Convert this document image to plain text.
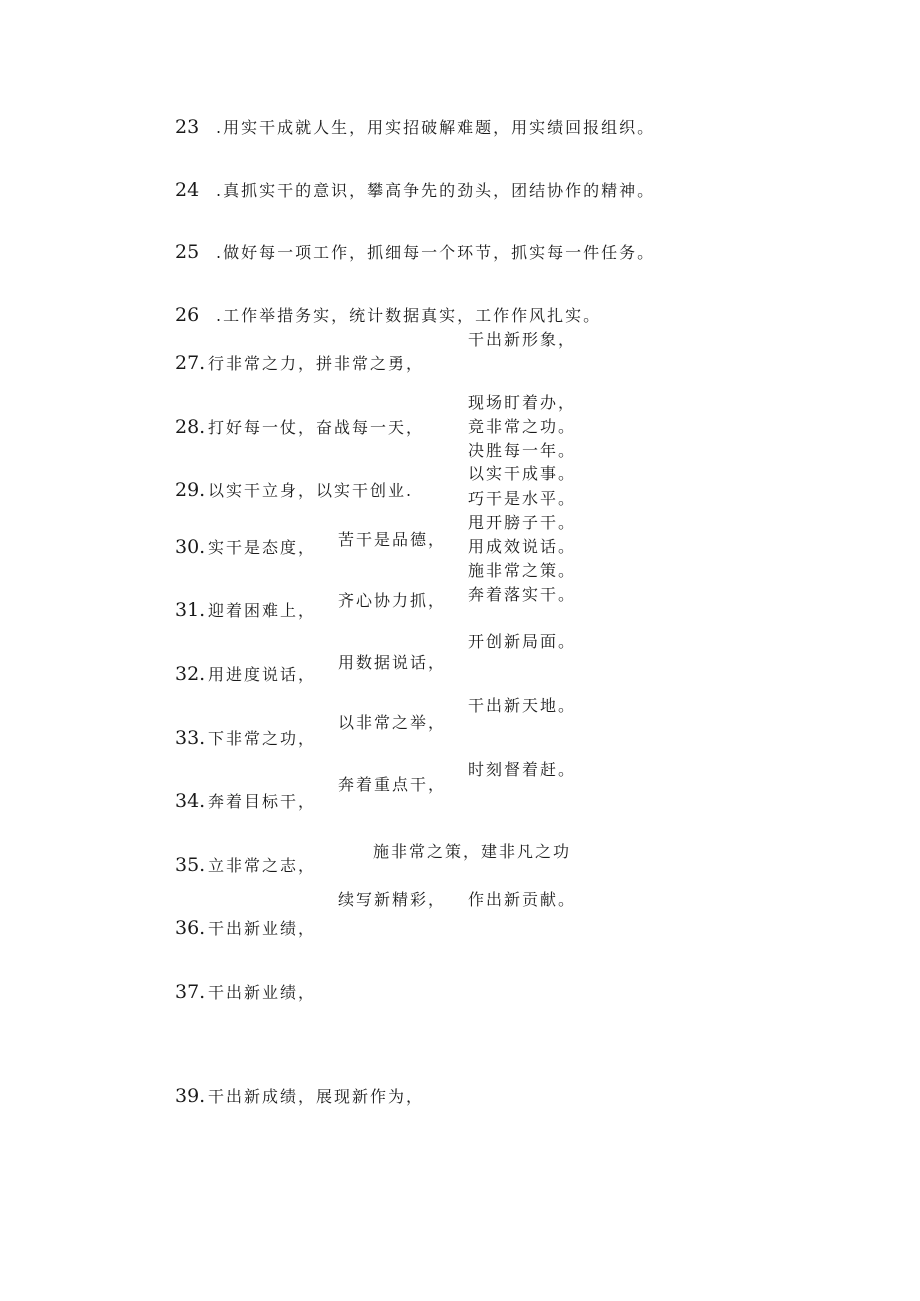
23 .用实干成就人生，用实招破解难题，用实绩回报组织。
24 .真抓实干的意识，攀高争先的劲头，团结协作的精神。
25 .做好每一项工作，抓细每一个环节，抓实每一件任务。
26 .工作举措务实，统计数据真实，工作作风扎实。
27. 行非常之力，拼非常之勇，
28. 打好每一仗，奋战每一天，
29. 以实干立身，以实干创业.
30. 实干是态度，
31. 迎着困难上，
32. 用进度说话，
33. 下非常之功，
34. 奔着目标干，
35. 立非常之志，
36. 干出新业绩，
37. 干出新业绩，
39. 干出新成绩，展现新作为，
苦干是品德，
齐心协力抓，
用数据说话，
以非常之举，
奔着重点干，
施非常之策，建非凡之功
续写新精彩，
干出新形象，
现场盯着办，
竞非常之功。
决胜每一年。
以实干成事。
巧干是水平。
甩开膀子干。
用成效说话。
施非常之策。
奔着落实干。
开创新局面。
干出新天地。
时刻督着赶。
作出新贡献。
